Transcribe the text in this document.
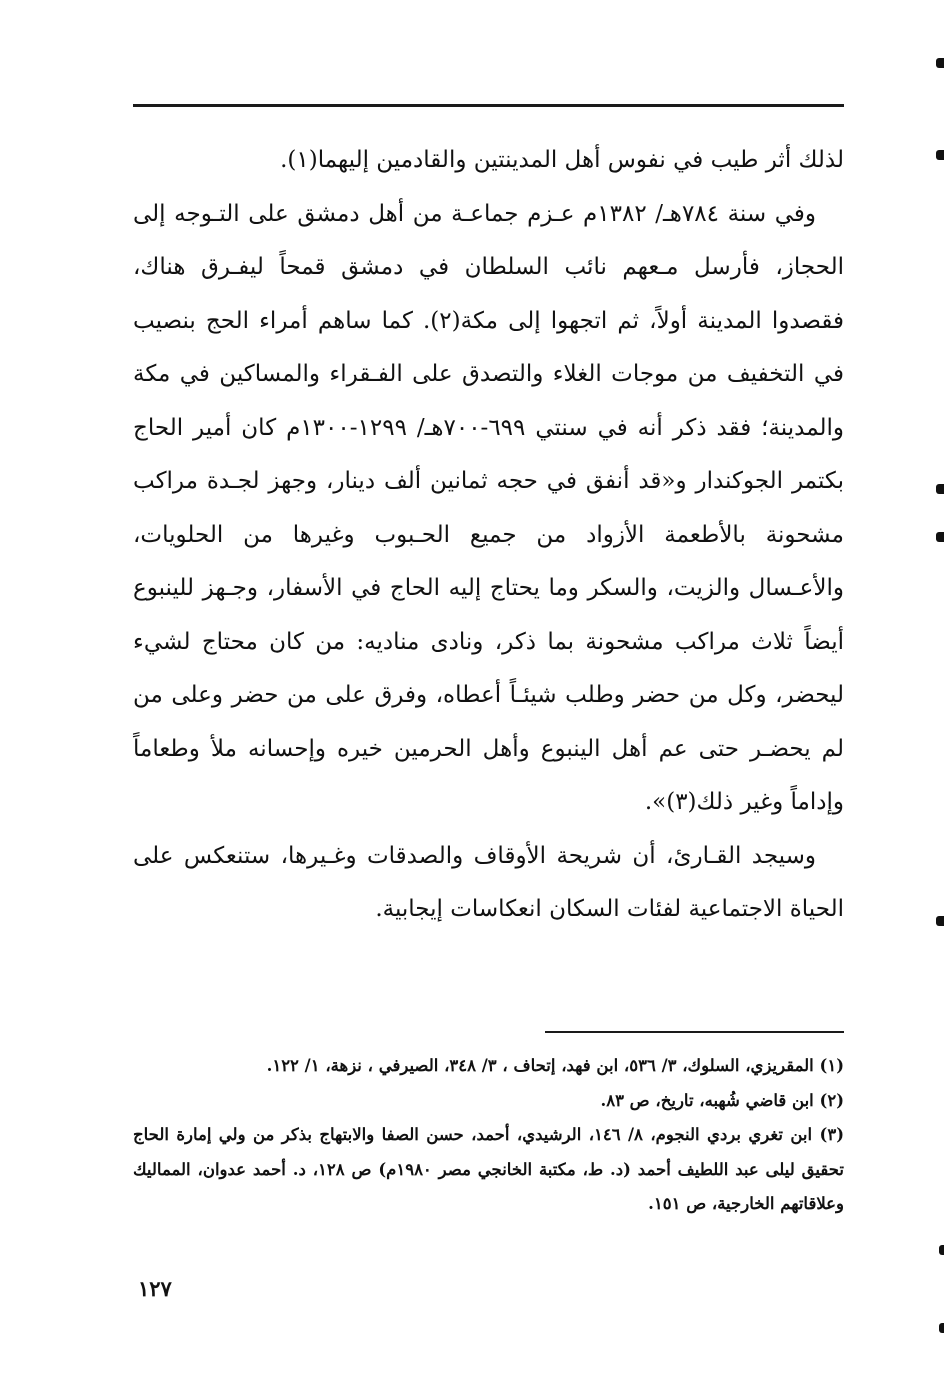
لذلك أثر طيب في نفوس أهل المدينتين والقادمين إليهما(١).

وفي سنة ٧٨٤هـ/ ١٣٨٢م عـزم جماعـة من أهل دمشق على التـوجه إلى الحجاز، فأرسل مـعهم نائب السلطان في دمشق قمحاً ليفـرق هناك، فقصدوا المدينة أولاً، ثم اتجهوا إلى مكة(٢). كما ساهم أمراء الحج بنصيب في التخفيف من موجات الغلاء والتصدق على الفـقراء والمساكين في مكة والمدينة؛ فقد ذكر أنه في سنتي ٦٩٩-٧٠٠هـ/ ١٢٩٩-١٣٠٠م كان أمير الحاج بكتمر الجوكندار و«قد أنفق في حجه ثمانين ألف دينار، وجهز لجـدة مراكب مشحونة بالأطعمة الأزواد من جميع الحـبوب وغيرها من الحلويات، والأعـسال والزيت، والسكر وما يحتاج إليه الحاج في الأسفار، وجـهز للينبوع أيضاً ثلاث مراكب مشحونة بما ذكر، ونادى مناديه: من كان محتاج لشيء ليحضر، وكل من حضر وطلب شيئـاً أعطاه، وفرق على من حضر وعلى من لم يحضـر حتى عم أهل الينبوع وأهل الحرمين خيره وإحسانه ملأ وطعاماً وإداماً وغير ذلك(٣)».

وسيجد القـارئ، أن شريحة الأوقاف والصدقات وغـيرها، ستنعكس على الحياة الاجتماعية لفئات السكان انعكاسات إيجابية.

(١) المقريزي، السلوك، ٣/ ٥٣٦، ابن فهد، إتحاف ، ٣/ ٣٤٨، الصيرفي ، نزهة، ١/ ١٢٢.

(٢) ابن قاضي شُهبه، تاريخ، ص ٨٣.

(٣) ابن تغري بردي النجوم، ٨/ ١٤٦، الرشيدي، أحمد، حسن الصفا والابتهاج بذكر من ولي إمارة الحاج تحقيق ليلى عبد اللطيف أحمد (د. ط، مكتبة الخانجي مصر ١٩٨٠م) ص ١٢٨، د. أحمد عدوان، المماليك وعلاقاتهم الخارجية، ص ١٥١.

١٢٧
